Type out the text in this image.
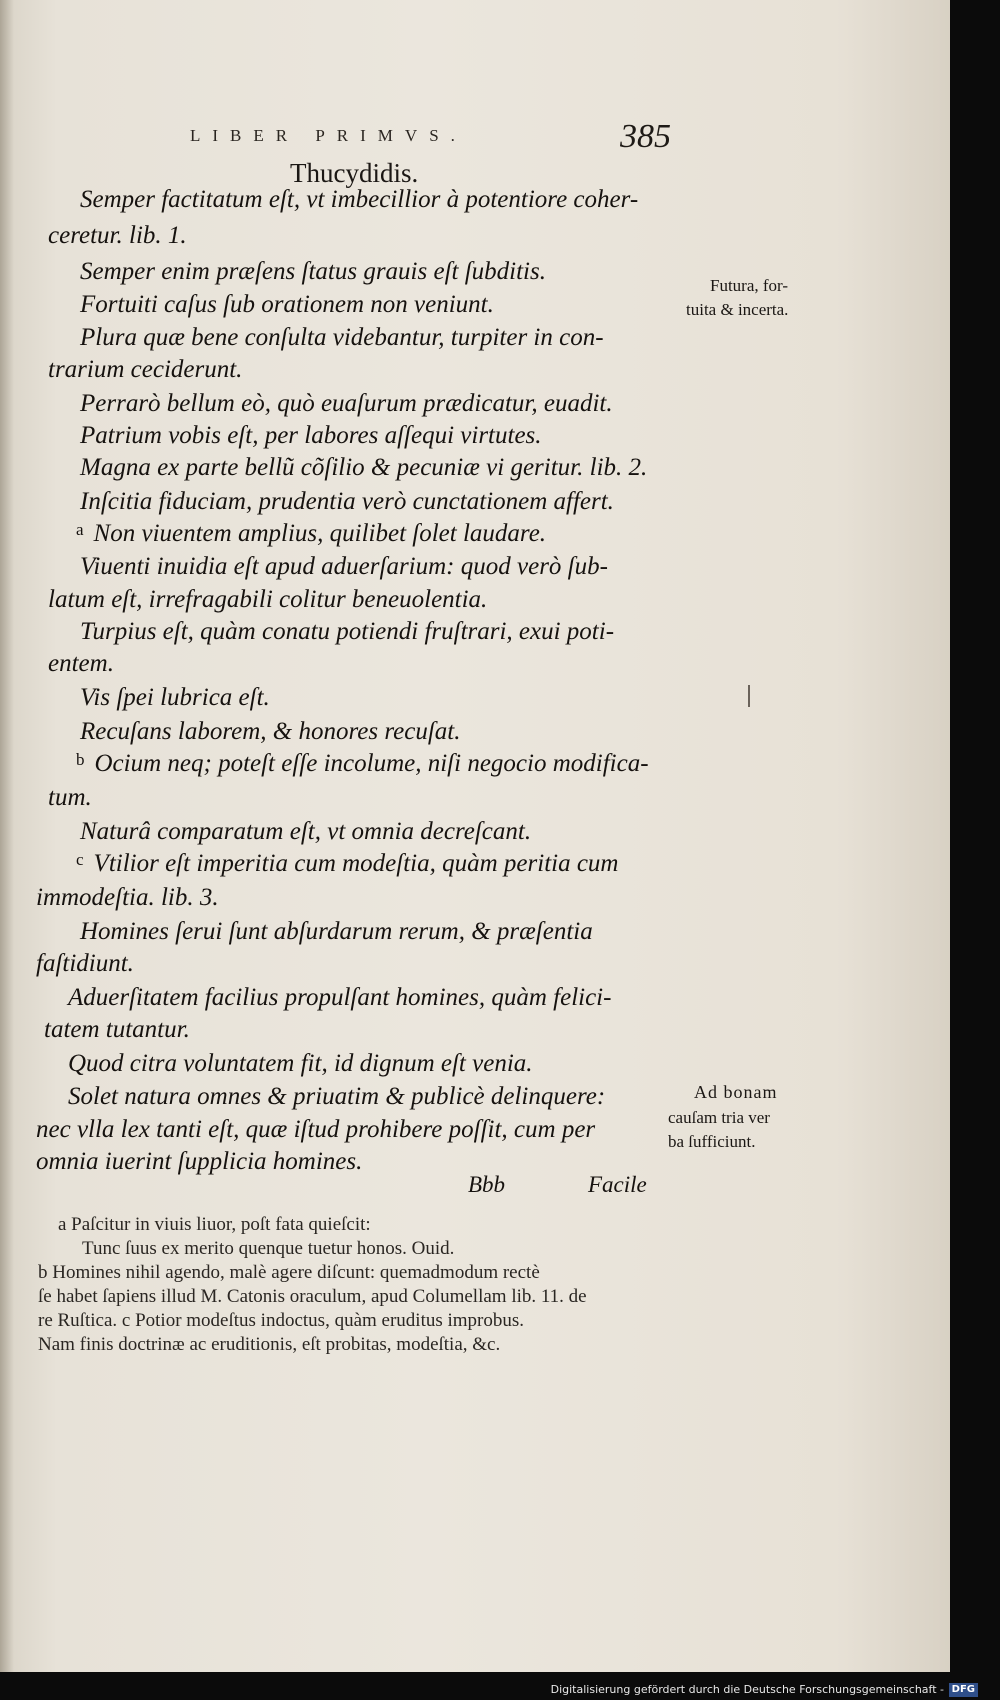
LIBER PRIMVS.	385
Thucydidis.
Semper factitatum eſt, vt imbecillior à potentiore coher-
ceretur. lib. 1.
Semper enim præſens ſtatus grauis eſt ſubditis.
Fortuiti caſus ſub orationem non veniunt.
Plura quæ bene conſulta videbantur, turpiter in con-
trarium ceciderunt.
Perrarò bellum eò, quò euaſurum prædicatur, euadit.
Patrium vobis eſt, per labores aſſequi virtutes.
Magna ex parte bellũ cõſilio & pecuniæ vi geritur. lib. 2.
Inſcitia fiduciam, prudentia verò cunctationem affert.
$^a$ Non viuentem amplius, quilibet ſolet laudare.
Viuenti inuidia eſt apud aduerſarium: quod verò ſub-
latum eſt, irrefragabili colitur beneuolentia.
Turpius eſt, quàm conatu potiendi fruſtrari, exui poti-
entem.
Vis ſpei lubrica eſt.
Recuſans laborem, & honores recuſat.
$^b$ Ocium neq; poteſt eſſe incolume, niſi negocio modifica-
tum.
Naturâ comparatum eſt, vt omnia decreſcant.
$^c$ Vtilior eſt imperitia cum modeſtia, quàm peritia cum
immodeſtia. lib. 3.
Homines ſerui ſunt abſurdarum rerum, & præſentia
faſtidiunt.
Aduerſitatem facilius propulſant homines, quàm felici-
tatem tutantur.
Quod citra voluntatem fit, id dignum eſt venia.
Solet natura omnes & priuatim & publicè delinquere:
nec vlla lex tanti eſt, quæ iſtud prohibere poſſit, cum per
omnia iuerint ſupplicia homines.
Bbb	Facile
Futura, for-
tuita & incerta.
Ad bonam
cauſam tria ver
ba ſufficiunt.
a Paſcitur in viuis liuor, poſt fata quieſcit:
Tunc ſuus ex merito quenque tuetur honos. Ouid.
b Homines nihil agendo, malè agere diſcunt: quemadmodum rectè
ſe habet ſapiens illud M. Catonis oraculum, apud Columellam lib. 11. de
re Ruſtica. c Potior modeſtus indoctus, quàm eruditus improbus.
Nam finis doctrinæ ac eruditionis, eſt probitas, modeſtia, &c.
Digitalisierung gefördert durch die Deutsche Forschungsgemeinschaft - DFG
